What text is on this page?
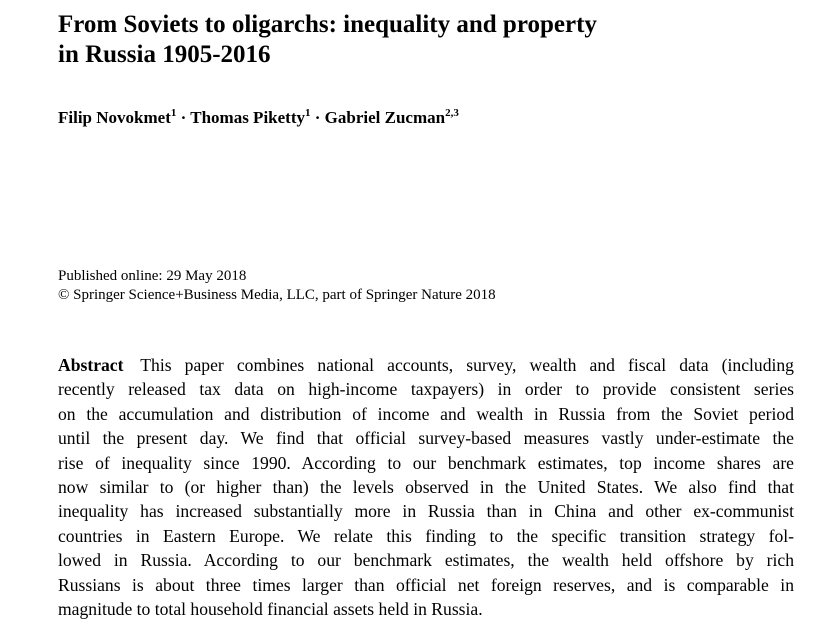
From Soviets to oligarchs: inequality and property
in Russia 1905-2016
Filip Novokmet$^1$ · Thomas Piketty$^1$ · Gabriel Zucman$^{2,3}$
Published online: 29 May 2018
© Springer Science+Business Media, LLC, part of Springer Nature 2018
Abstract This paper combines national accounts, survey, wealth and fiscal data (including
recently released tax data on high-income taxpayers) in order to provide consistent series
on the accumulation and distribution of income and wealth in Russia from the Soviet period
until the present day. We find that official survey-based measures vastly under-estimate the
rise of inequality since 1990. According to our benchmark estimates, top income shares are
now similar to (or higher than) the levels observed in the United States. We also find that
inequality has increased substantially more in Russia than in China and other ex-communist
countries in Eastern Europe. We relate this finding to the specific transition strategy fol-
lowed in Russia. According to our benchmark estimates, the wealth held offshore by rich
Russians is about three times larger than official net foreign reserves, and is comparable in
magnitude to total household financial assets held in Russia.
